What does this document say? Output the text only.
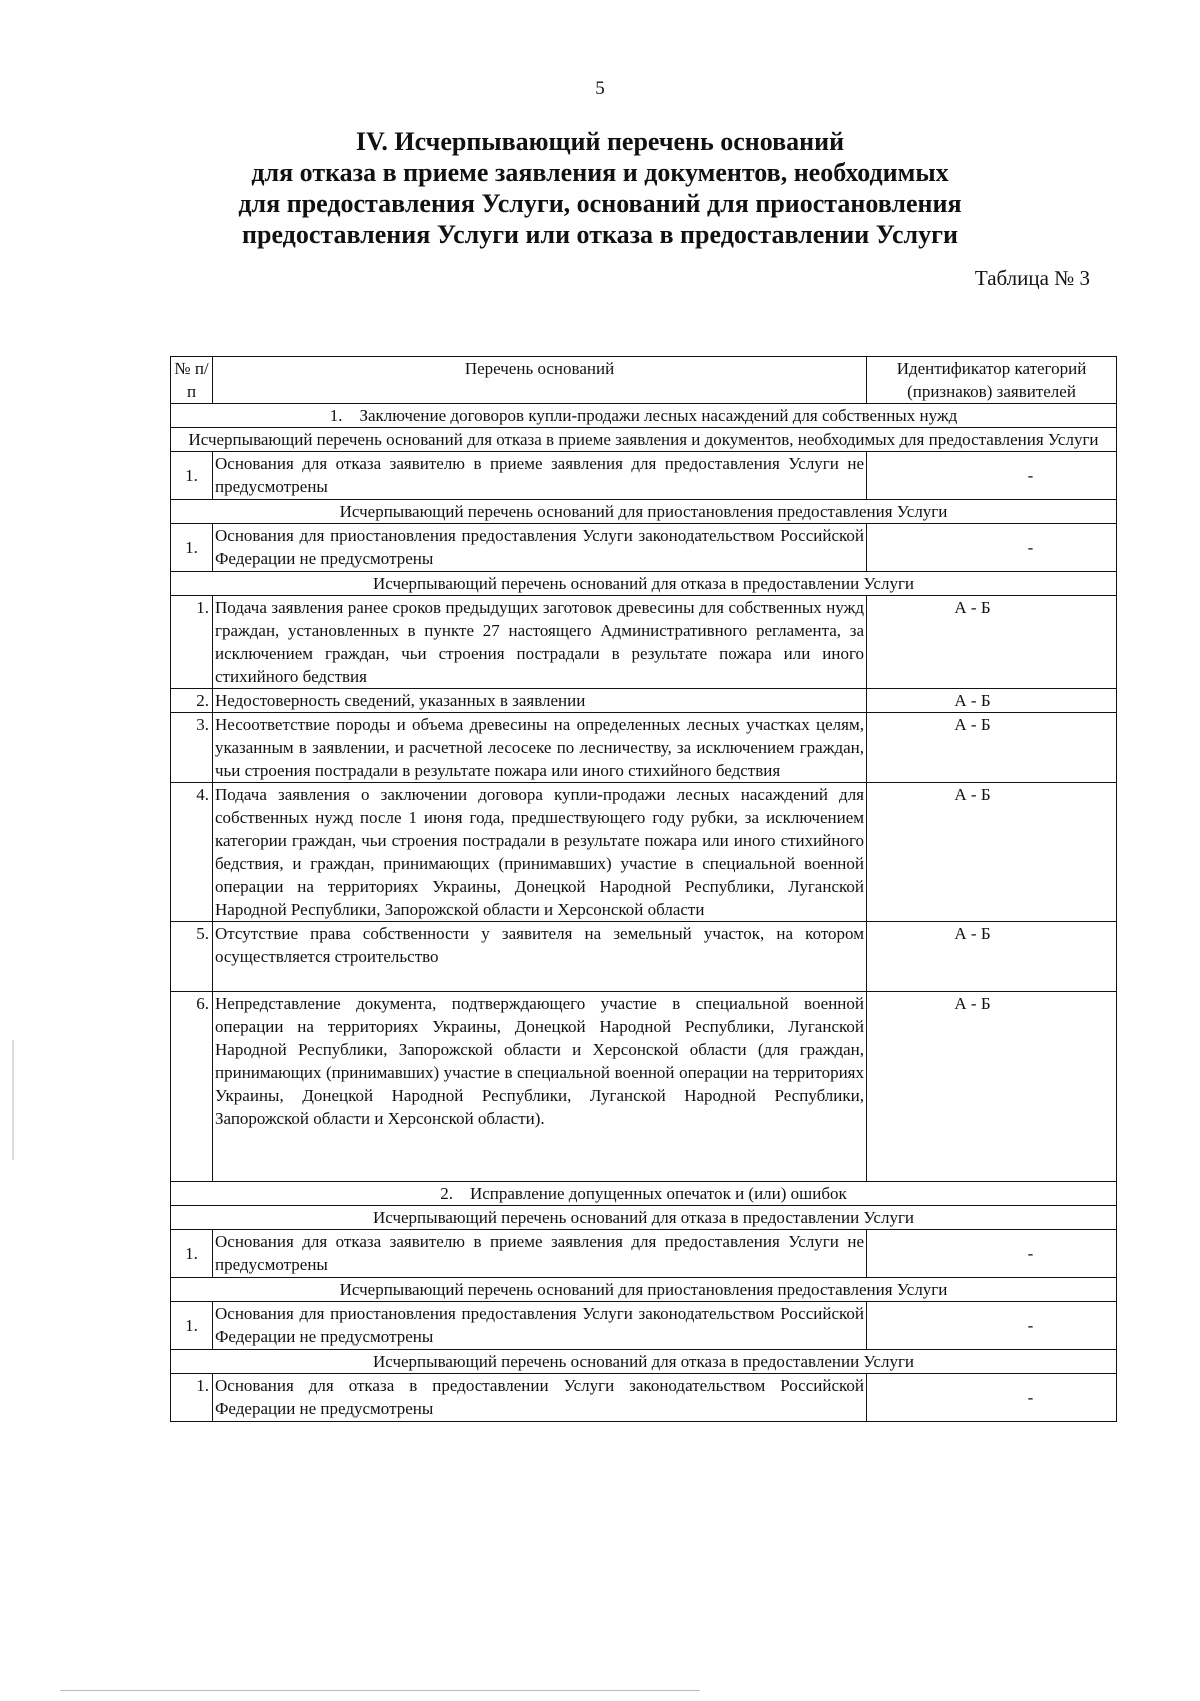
5
IV. Исчерпывающий перечень оснований
для отказа в приеме заявления и документов, необходимых
для предоставления Услуги, оснований для приостановления
предоставления Услуги или отказа в предоставлении Услуги
Таблица № 3
№ п/п	Перечень оснований	Идентификатор категорий (признаков) заявителей
1.    Заключение договоров купли-продажи лесных насаждений для собственных нужд		
Исчерпывающий перечень оснований для отказа в приеме заявления и документов, необходимых для предоставления Услуги		
1.	Основания для отказа заявителю в приеме заявления для предоставления Услуги не предусмотрены	-
Исчерпывающий перечень оснований для приостановления предоставления Услуги		
1.	Основания для приостановления предоставления Услуги законодательством Российской Федерации не предусмотрены	-
Исчерпывающий перечень оснований для отказа в предоставлении Услуги		
1.	Подача заявления ранее сроков предыдущих заготовок древесины для собственных нужд граждан, установленных в пункте 27 настоящего Административного регламента, за исключением граждан, чьи строения пострадали в результате пожара или иного стихийного бедствия	А - Б
2.	Недостоверность сведений, указанных в заявлении	А - Б
3.	Несоответствие породы и объема древесины на определенных лесных участках целям, указанным в заявлении, и расчетной лесосеке по лесничеству, за исключением граждан, чьи строения пострадали в результате пожара или иного стихийного бедствия	А - Б
4.	Подача заявления о заключении договора купли-продажи лесных насаждений для собственных нужд после 1 июня года, предшествующего году рубки, за исключением категории граждан, чьи строения пострадали в результате пожара или иного стихийного бедствия, и граждан, принимающих (принимавших) участие в специальной военной операции на территориях Украины, Донецкой Народной Республики, Луганской Народной Республики, Запорожской области и Херсонской области	А - Б
5.	Отсутствие права собственности у заявителя на земельный участок, на котором осуществляется строительство	А - Б
6.	Непредставление документа, подтверждающего участие в специальной военной операции на территориях Украины, Донецкой Народной Республики, Луганской Народной Республики, Запорожской области и Херсонской области (для граждан, принимающих (принимавших) участие в специальной военной операции на территориях Украины, Донецкой Народной Республики, Луганской Народной Республики, Запорожской области и Херсонской области).	А - Б
2.    Исправление допущенных опечаток и (или) ошибок		
Исчерпывающий перечень оснований для отказа в предоставлении Услуги		
1.	Основания для отказа заявителю в приеме заявления для предоставления Услуги не предусмотрены	-
Исчерпывающий перечень оснований для приостановления предоставления Услуги		
1.	Основания для приостановления предоставления Услуги законодательством Российской Федерации не предусмотрены	-
Исчерпывающий перечень оснований для отказа в предоставлении Услуги		
1.	Основания для отказа в предоставлении Услуги законодательством Российской Федерации не предусмотрены	-
